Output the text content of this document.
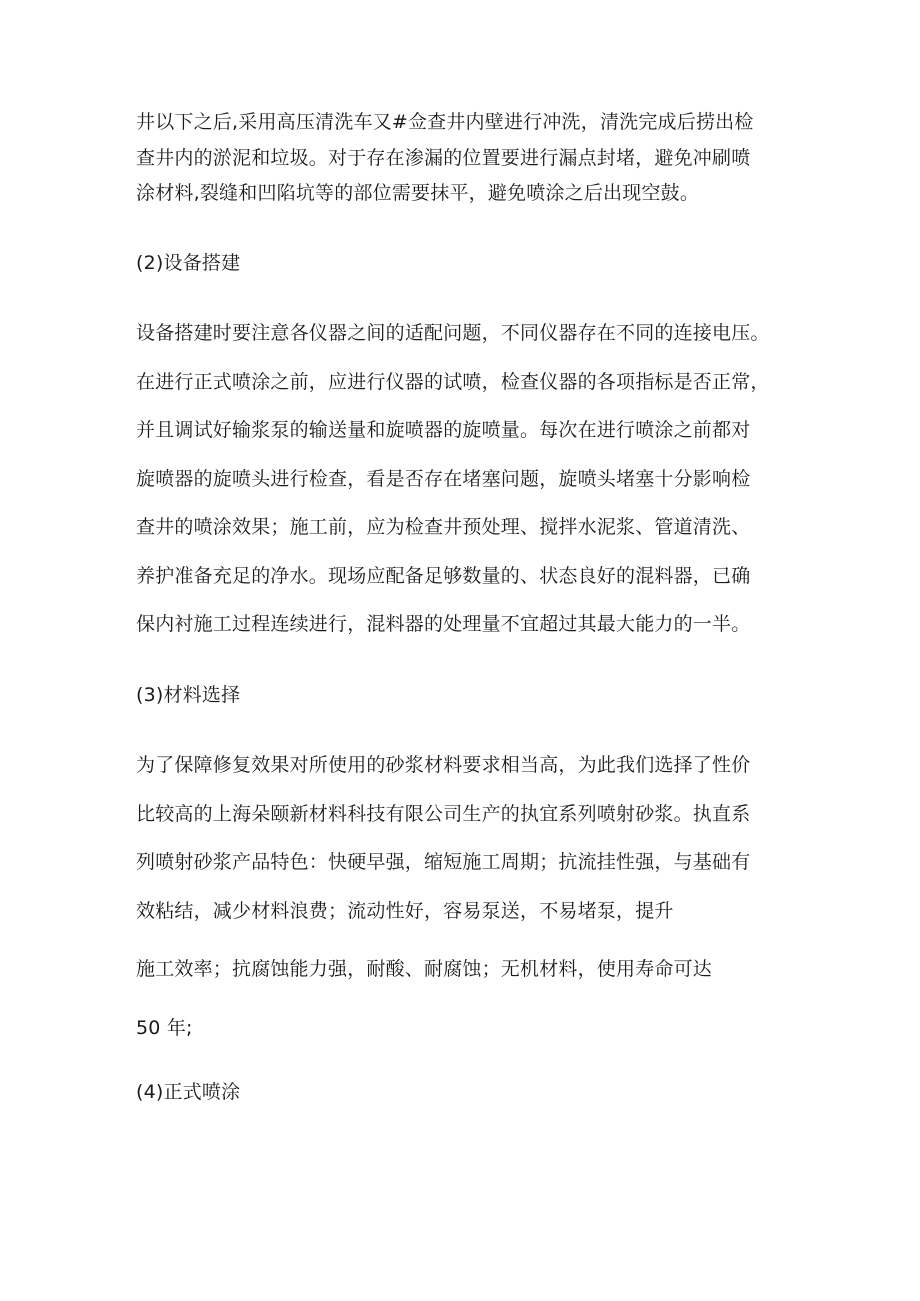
井以下之后,采用高压清洗车又#佥查井内壁进行冲洗，清洗完成后捞出检
查井内的淤泥和垃圾。对于存在渗漏的位置要进行漏点封堵，避免冲刷喷
涂材料,裂缝和凹陷坑等的部位需要抹平，避免喷涂之后出现空鼓。
(2)设备搭建
设备搭建时要注意各仪器之间的适配问题，不同仪器存在不同的连接电压。
在进行正式喷涂之前，应进行仪器的试喷，检查仪器的各项指标是否正常，
并且调试好输浆泵的输送量和旋喷器的旋喷量。每次在进行喷涂之前都对
旋喷器的旋喷头进行检查，看是否存在堵塞问题，旋喷头堵塞十分影响检
查井的喷涂效果；施工前，应为检查井预处理、搅拌水泥浆、管道清洗、
养护准备充足的净水。现场应配备足够数量的、状态良好的混料器，已确
保内衬施工过程连续进行，混料器的处理量不宜超过其最大能力的一半。
(3)材料选择
为了保障修复效果对所使用的砂浆材料要求相当高，为此我们选择了性价
比较高的上海朵颐新材料科技有限公司生产的执宜系列喷射砂浆。执直系
列喷射砂浆产品特色：快硬早强，缩短施工周期；抗流挂性强，与基础有
效粘结，减少材料浪费；流动性好，容易泵送，不易堵泵，提升
施工效率；抗腐蚀能力强，耐酸、耐腐蚀；无机材料，使用寿命可达
50 年;
(4)正式喷涂
